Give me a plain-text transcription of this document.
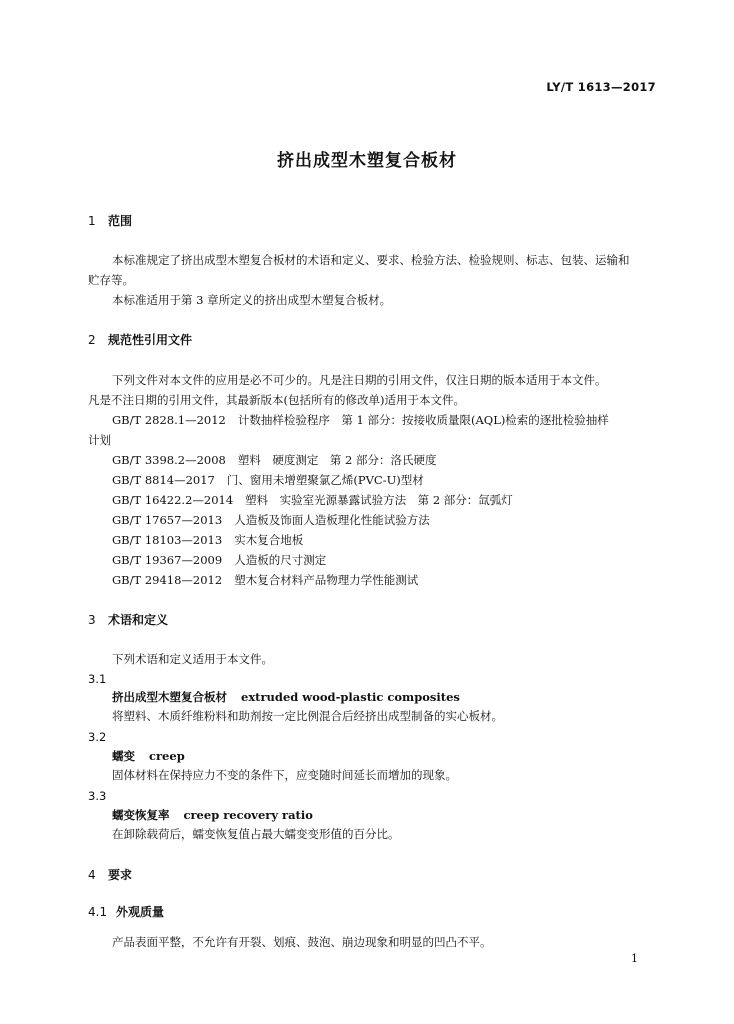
LY/T 1613—2017
挤出成型木塑复合板材
1 范围
本标准规定了挤出成型木塑复合板材的术语和定义、要求、检验方法、检验规则、标志、包装、运输和
贮存等。
本标准适用于第 3 章所定义的挤出成型木塑复合板材。
2 规范性引用文件
下列文件对本文件的应用是必不可少的。凡是注日期的引用文件，仅注日期的版本适用于本文件。
凡是不注日期的引用文件，其最新版本(包括所有的修改单)适用于本文件。
GB/T 2828.1—2012 计数抽样检验程序　第 1 部分：按接收质量限(AQL)检索的逐批检验抽样
计划
GB/T 3398.2—2008 塑料　硬度测定　第 2 部分：洛氏硬度
GB/T 8814—2017 门、窗用未增塑聚氯乙烯(PVC-U)型材
GB/T 16422.2—2014 塑料　实验室光源暴露试验方法　第 2 部分：氙弧灯
GB/T 17657—2013 人造板及饰面人造板理化性能试验方法
GB/T 18103—2013 实木复合地板
GB/T 19367—2009 人造板的尺寸测定
GB/T 29418—2012 塑木复合材料产品物理力学性能测试
3 术语和定义
下列术语和定义适用于本文件。
3.1
挤出成型木塑复合板材 extruded wood-plastic composites
将塑料、木质纤维粉料和助剂按一定比例混合后经挤出成型制备的实心板材。
3.2
蠕变 creep
固体材料在保持应力不变的条件下，应变随时间延长而增加的现象。
3.3
蠕变恢复率 creep recovery ratio
在卸除载荷后，蠕变恢复值占最大蠕变变形值的百分比。
4 要求
4.1 外观质量
产品表面平整，不允许有开裂、划痕、鼓泡、崩边现象和明显的凹凸不平。
1
